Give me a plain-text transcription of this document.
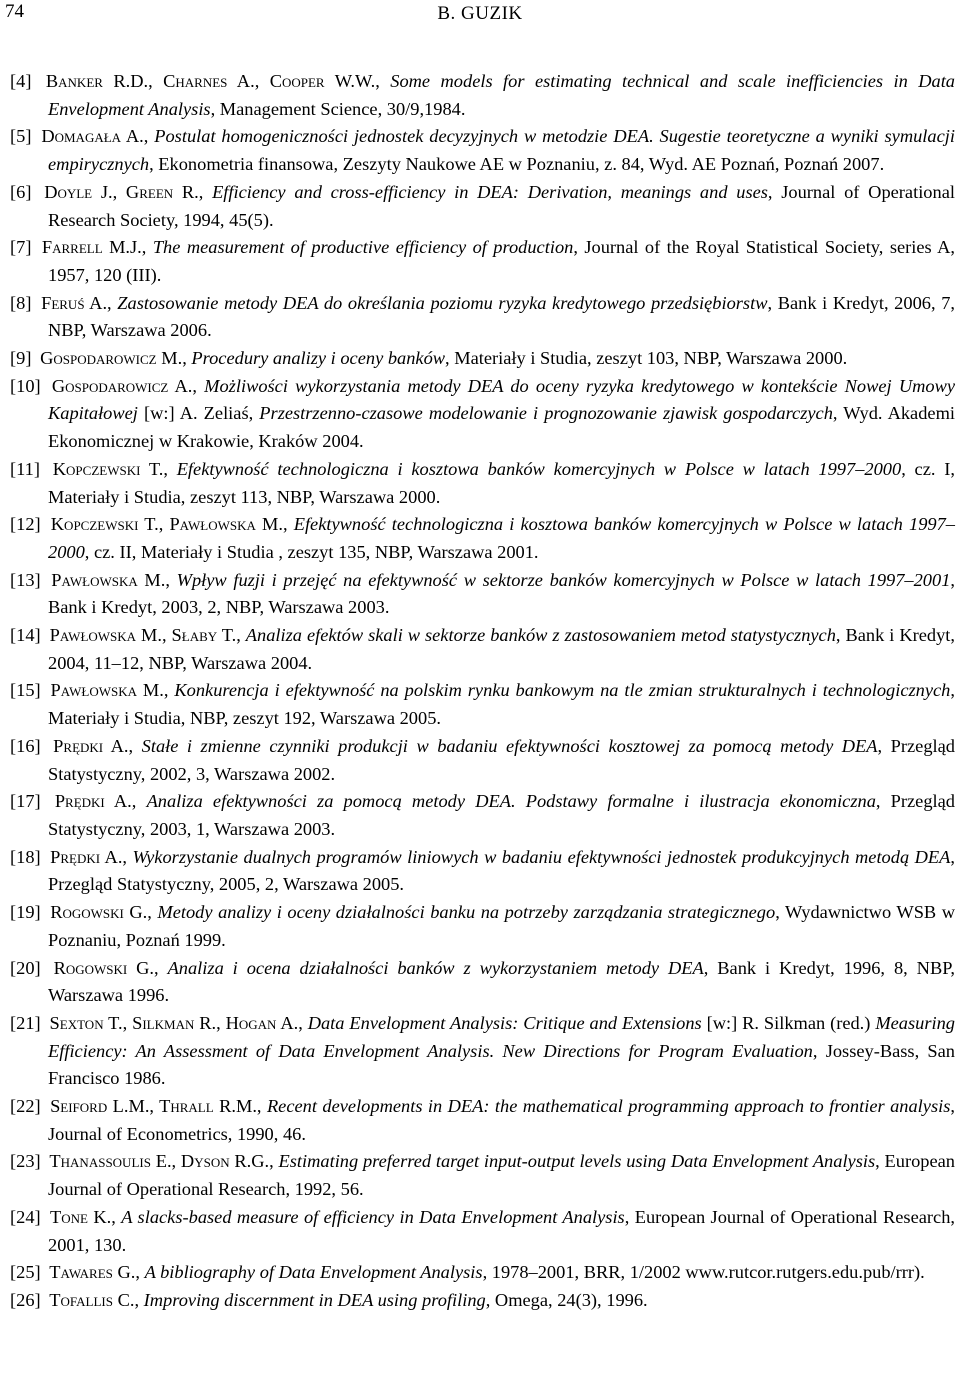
74	B. GUZIK
[4] Banker R.D., Charnes A., Cooper W.W., Some models for estimating technical and scale inefficiencies in Data Envelopment Analysis, Management Science, 30/9,1984.
[5] Domagała A., Postulat homogeniczności jednostek decyzyjnych w metodzie DEA. Sugestie teoretyczne a wyniki symulacji empirycznych, Ekonometria finansowa, Zeszyty Naukowe AE w Poznaniu, z. 84, Wyd. AE Poznań, Poznań 2007.
[6] Doyle J., Green R., Efficiency and cross-efficiency in DEA: Derivation, meanings and uses, Journal of Operational Research Society, 1994, 45(5).
[7] Farrell M.J., The measurement of productive efficiency of production, Journal of the Royal Statistical Society, series A, 1957, 120 (III).
[8] Feruś A., Zastosowanie metody DEA do określania poziomu ryzyka kredytowego przedsiębiorstw, Bank i Kredyt, 2006, 7, NBP, Warszawa 2006.
[9] Gospodarowicz M., Procedury analizy i oceny banków, Materiały i Studia, zeszyt 103, NBP, Warszawa 2000.
[10] Gospodarowicz A., Możliwości wykorzystania metody DEA do oceny ryzyka kredytowego w kontekście Nowej Umowy Kapitałowej [w:] A. Zeliaś, Przestrzenno-czasowe modelowanie i prognozowanie zjawisk gospodarczych, Wyd. Akademi Ekonomicznej w Krakowie, Kraków 2004.
[11] Kopczewski T., Efektywność technologiczna i kosztowa banków komercyjnych w Polsce w latach 1997–2000, cz. I, Materiały i Studia, zeszyt 113, NBP, Warszawa 2000.
[12] Kopczewski T., Pawłowska M., Efektywność technologiczna i kosztowa banków komercyjnych w Polsce w latach 1997–2000, cz. II, Materiały i Studia , zeszyt 135, NBP, Warszawa 2001.
[13] Pawłowska M., Wpływ fuzji i przejęć na efektywność w sektorze banków komercyjnych w Polsce w latach 1997–2001, Bank i Kredyt, 2003, 2, NBP, Warszawa 2003.
[14] Pawłowska M., Słaby T., Analiza efektów skali w sektorze banków z zastosowaniem metod statystycznych, Bank i Kredyt, 2004, 11–12, NBP, Warszawa 2004.
[15] Pawłowska M., Konkurencja i efektywność na polskim rynku bankowym na tle zmian strukturalnych i technologicznych, Materiały i Studia, NBP, zeszyt 192, Warszawa 2005.
[16] Prędki A., Stałe i zmienne czynniki produkcji w badaniu efektywności kosztowej za pomocą metody DEA, Przegląd Statystyczny, 2002, 3, Warszawa 2002.
[17] Prędki A., Analiza efektywności za pomocą metody DEA. Podstawy formalne i ilustracja ekonomiczna, Przegląd Statystyczny, 2003, 1, Warszawa 2003.
[18] Prędki A., Wykorzystanie dualnych programów liniowych w badaniu efektywności jednostek produkcyjnych metodą DEA, Przegląd Statystyczny, 2005, 2, Warszawa 2005.
[19] Rogowski G., Metody analizy i oceny działalności banku na potrzeby zarządzania strategicznego, Wydawnictwo WSB w Poznaniu, Poznań 1999.
[20] Rogowski G., Analiza i ocena działalności banków z wykorzystaniem metody DEA, Bank i Kredyt, 1996, 8, NBP, Warszawa 1996.
[21] Sexton T., Silkman R., Hogan A., Data Envelopment Analysis: Critique and Extensions [w:] R. Silkman (red.) Measuring Efficiency: An Assessment of Data Envelopment Analysis. New Directions for Program Evaluation, Jossey-Bass, San Francisco 1986.
[22] Seiford L.M., Thrall R.M., Recent developments in DEA: the mathematical programming approach to frontier analysis, Journal of Econometrics, 1990, 46.
[23] Thanassoulis E., Dyson R.G., Estimating preferred target input-output levels using Data Envelopment Analysis, European Journal of Operational Research, 1992, 56.
[24] Tone K., A slacks-based measure of efficiency in Data Envelopment Analysis, European Journal of Operational Research, 2001, 130.
[25] Tawares G., A bibliography of Data Envelopment Analysis, 1978–2001, BRR, 1/2002 www.rutcor.rutgers.edu.pub/rrr).
[26] Tofallis C., Improving discernment in DEA using profiling, Omega, 24(3), 1996.
